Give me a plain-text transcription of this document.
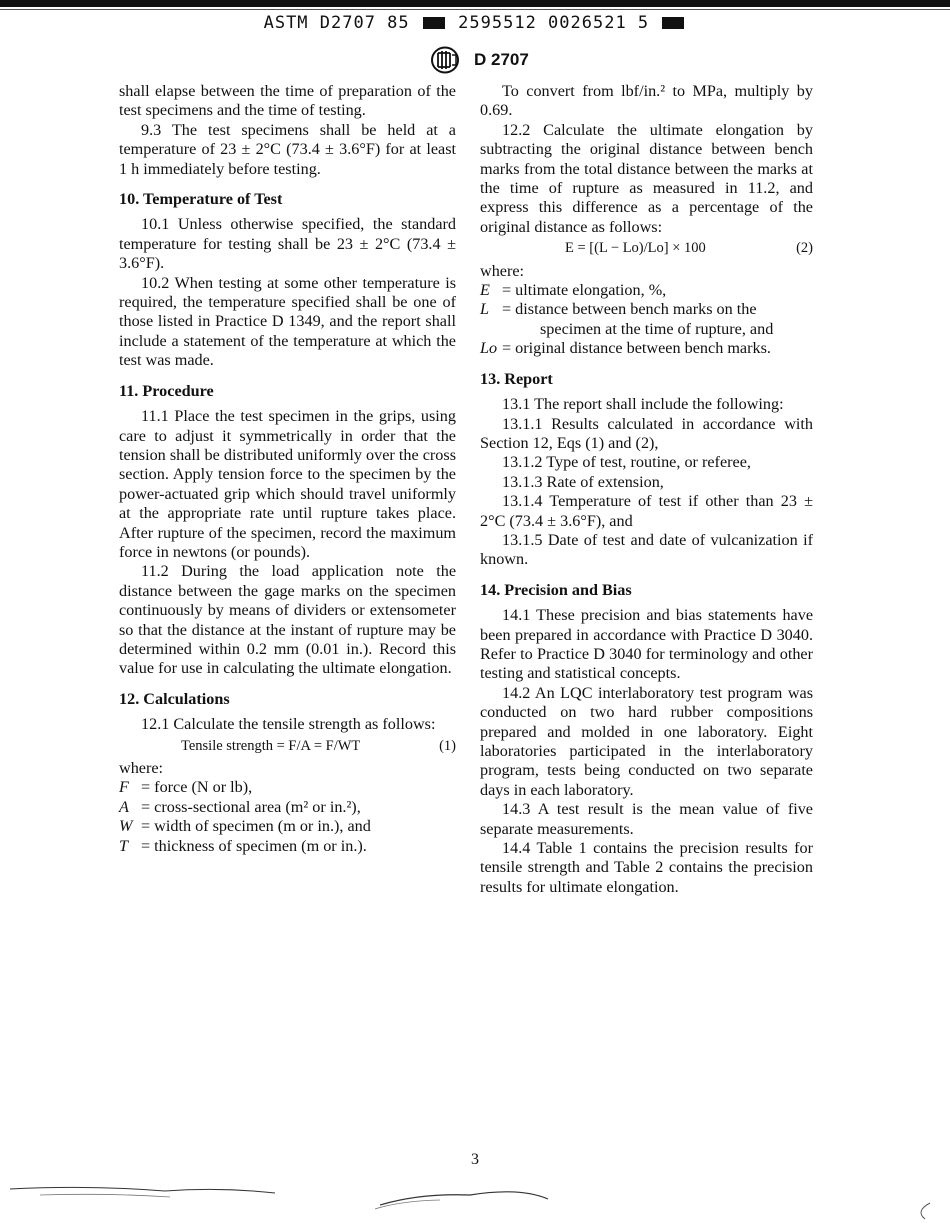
ASTM D2707 85	2595512 0026521 5
D 2707

shall elapse between the time of preparation of the test specimens and the time of testing.

9.3 The test specimens shall be held at a temperature of 23 ± 2°C (73.4 ± 3.6°F) for at least 1 h immediately before testing.

10. Temperature of Test

10.1 Unless otherwise specified, the standard temperature for testing shall be 23 ± 2°C (73.4 ± 3.6°F).

10.2 When testing at some other temperature is required, the temperature specified shall be one of those listed in Practice D 1349, and the report shall include a statement of the temperature at which the test was made.

11. Procedure

11.1 Place the test specimen in the grips, using care to adjust it symmetrically in order that the tension shall be distributed uniformly over the cross section. Apply tension force to the specimen by the power-actuated grip which should travel uniformly at the appropriate rate until rupture takes place. After rupture of the specimen, record the maximum force in newtons (or pounds).

11.2 During the load application note the distance between the gage marks on the specimen continuously by means of dividers or extensometer so that the distance at the instant of rupture may be determined within 0.2 mm (0.01 in.). Record this value for use in calculating the ultimate elongation.

12. Calculations

12.1 Calculate the tensile strength as follows:

Tensile strength = F/A = F/WT	(1)

where:

F = force (N or lb),
A = cross-sectional area (m² or in.²),
W = width of specimen (m or in.), and
T = thickness of specimen (m or in.).

To convert from lbf/in.² to MPa, multiply by 0.69.

12.2 Calculate the ultimate elongation by subtracting the original distance between bench marks from the total distance between the marks at the time of rupture as measured in 11.2, and express this difference as a percentage of the original distance as follows:

E = [(L − Lo)/Lo] × 100	(2)

where:

E = ultimate elongation, %,
L = distance between bench marks on the
specimen at the time of rupture, and
Lo = original distance between bench marks.

13. Report

13.1 The report shall include the following:

13.1.1 Results calculated in accordance with Section 12, Eqs (1) and (2),

13.1.2 Type of test, routine, or referee,

13.1.3 Rate of extension,

13.1.4 Temperature of test if other than 23 ± 2°C (73.4 ± 3.6°F), and

13.1.5 Date of test and date of vulcanization if known.

14. Precision and Bias

14.1 These precision and bias statements have been prepared in accordance with Practice D 3040. Refer to Practice D 3040 for terminology and other testing and statistical concepts.

14.2 An LQC interlaboratory test program was conducted on two hard rubber compositions prepared and molded in one laboratory. Eight laboratories participated in the interlaboratory program, tests being conducted on two separate days in each laboratory.

14.3 A test result is the mean value of five separate measurements.

14.4 Table 1 contains the precision results for tensile strength and Table 2 contains the precision results for ultimate elongation.

3
